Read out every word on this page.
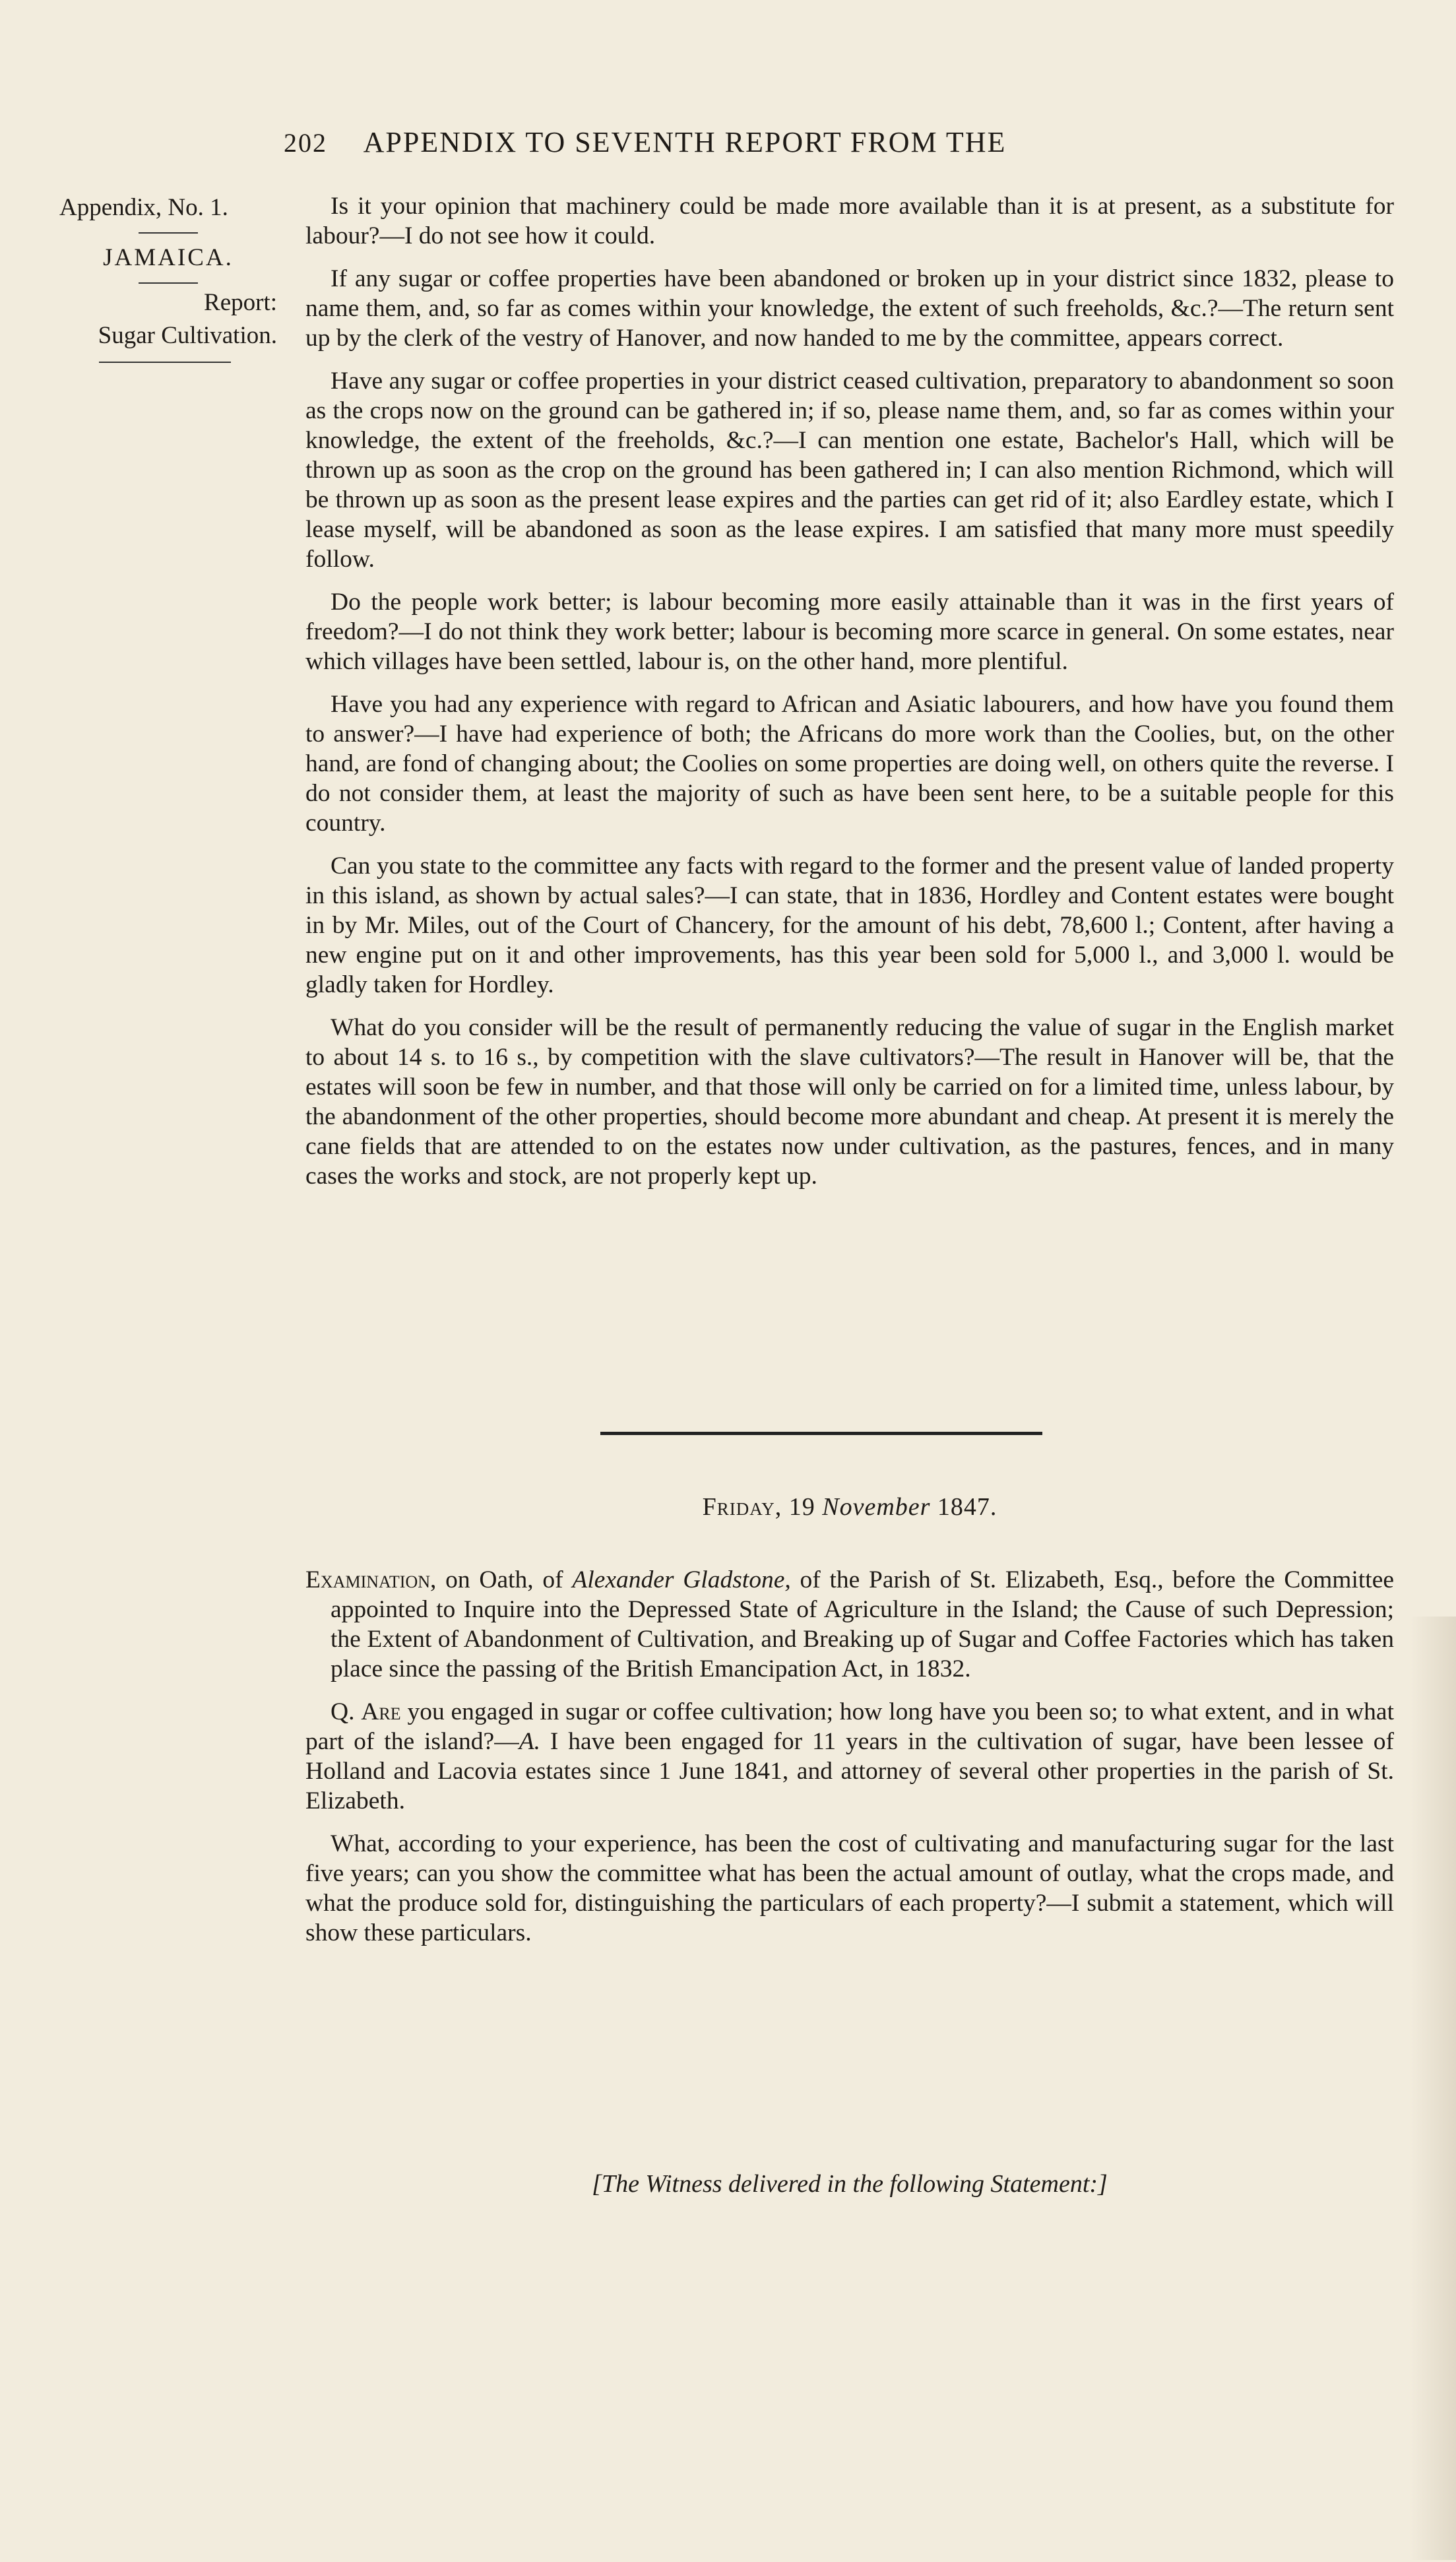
202 APPENDIX TO SEVENTH REPORT FROM THE
Appendix, No. 1.
JAMAICA.
Report:
Sugar Cultivation.

Is it your opinion that machinery could be made more available than it is at present, as a substitute for labour?—I do not see how it could.

If any sugar or coffee properties have been abandoned or broken up in your district since 1832, please to name them, and, so far as comes within your knowledge, the extent of such freeholds, &c.?—The return sent up by the clerk of the vestry of Hanover, and now handed to me by the committee, appears correct.

Have any sugar or coffee properties in your district ceased cultivation, preparatory to abandonment so soon as the crops now on the ground can be gathered in; if so, please name them, and, so far as comes within your knowledge, the extent of the freeholds, &c.?—I can mention one estate, Bachelor's Hall, which will be thrown up as soon as the crop on the ground has been gathered in; I can also mention Richmond, which will be thrown up as soon as the present lease expires and the parties can get rid of it; also Eardley estate, which I lease myself, will be abandoned as soon as the lease expires. I am satisfied that many more must speedily follow.

Do the people work better; is labour becoming more easily attainable than it was in the first years of freedom?—I do not think they work better; labour is becoming more scarce in general. On some estates, near which villages have been settled, labour is, on the other hand, more plentiful.

Have you had any experience with regard to African and Asiatic labourers, and how have you found them to answer?—I have had experience of both; the Africans do more work than the Coolies, but, on the other hand, are fond of changing about; the Coolies on some properties are doing well, on others quite the reverse. I do not consider them, at least the majority of such as have been sent here, to be a suitable people for this country.

Can you state to the committee any facts with regard to the former and the present value of landed property in this island, as shown by actual sales?—I can state, that in 1836, Hordley and Content estates were bought in by Mr. Miles, out of the Court of Chancery, for the amount of his debt, 78,600 l.; Content, after having a new engine put on it and other improvements, has this year been sold for 5,000 l., and 3,000 l. would be gladly taken for Hordley.

What do you consider will be the result of permanently reducing the value of sugar in the English market to about 14 s. to 16 s., by competition with the slave cultivators?—The result in Hanover will be, that the estates will soon be few in number, and that those will only be carried on for a limited time, unless labour, by the abandonment of the other properties, should become more abundant and cheap. At present it is merely the cane fields that are attended to on the estates now under cultivation, as the pastures, fences, and in many cases the works and stock, are not properly kept up.

Friday, 19 November 1847.

Examination, on Oath, of Alexander Gladstone, of the Parish of St. Elizabeth, Esq., before the Committee appointed to Inquire into the Depressed State of Agriculture in the Island; the Cause of such Depression; the Extent of Abandonment of Cultivation, and Breaking up of Sugar and Coffee Factories which has taken place since the passing of the British Emancipation Act, in 1832.

Q. Are you engaged in sugar or coffee cultivation; how long have you been so; to what extent, and in what part of the island?—A. I have been engaged for 11 years in the cultivation of sugar, have been lessee of Holland and Lacovia estates since 1 June 1841, and attorney of several other properties in the parish of St. Elizabeth.

What, according to your experience, has been the cost of cultivating and manufacturing sugar for the last five years; can you show the committee what has been the actual amount of outlay, what the crops made, and what the produce sold for, distinguishing the particulars of each property?—I submit a statement, which will show these particulars.

[The Witness delivered in the following Statement:]
